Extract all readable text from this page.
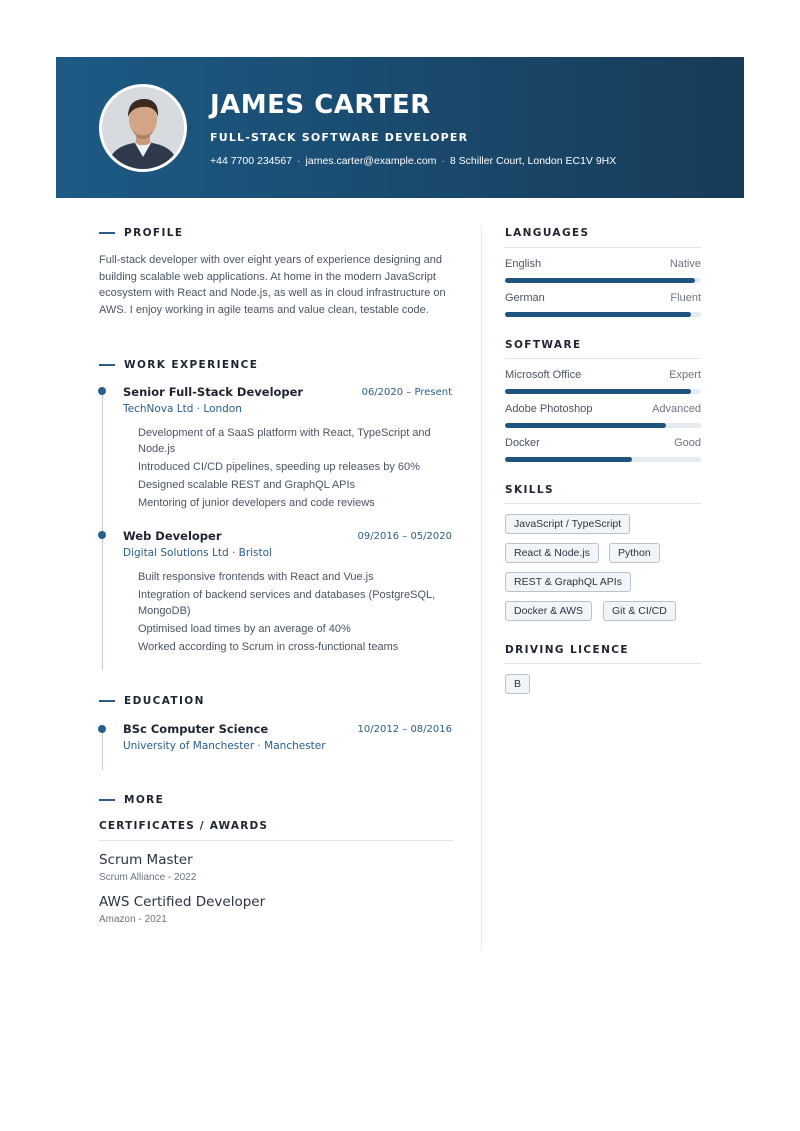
JAMES CARTER
FULL-STACK SOFTWARE DEVELOPER
+44 7700 234567 · james.carter@example.com · 8 Schiller Court, London EC1V 9HX
PROFILE
Full-stack developer with over eight years of experience designing and building scalable web applications. At home in the modern JavaScript ecosystem with React and Node.js, as well as in cloud infrastructure on AWS. I enjoy working in agile teams and value clean, testable code.
WORK EXPERIENCE
Senior Full-Stack Developer	06/2020 – Present
TechNova Ltd · London
Development of a SaaS platform with React, TypeScript and Node.js
Introduced CI/CD pipelines, speeding up releases by 60%
Designed scalable REST and GraphQL APIs
Mentoring of junior developers and code reviews
Web Developer	09/2016 – 05/2020
Digital Solutions Ltd · Bristol
Built responsive frontends with React and Vue.js
Integration of backend services and databases (PostgreSQL, MongoDB)
Optimised load times by an average of 40%
Worked according to Scrum in cross-functional teams
EDUCATION
BSc Computer Science	10/2012 – 08/2016
University of Manchester · Manchester
MORE
CERTIFICATES / AWARDS
Scrum Master
Scrum Alliance - 2022
AWS Certified Developer
Amazon - 2021
LANGUAGES
English	Native
German	Fluent
SOFTWARE
Microsoft Office	Expert
Adobe Photoshop	Advanced
Docker	Good
SKILLS
JavaScript / TypeScript
React & Node.js	Python
REST & GraphQL APIs
Docker & AWS	Git & CI/CD
DRIVING LICENCE
B
